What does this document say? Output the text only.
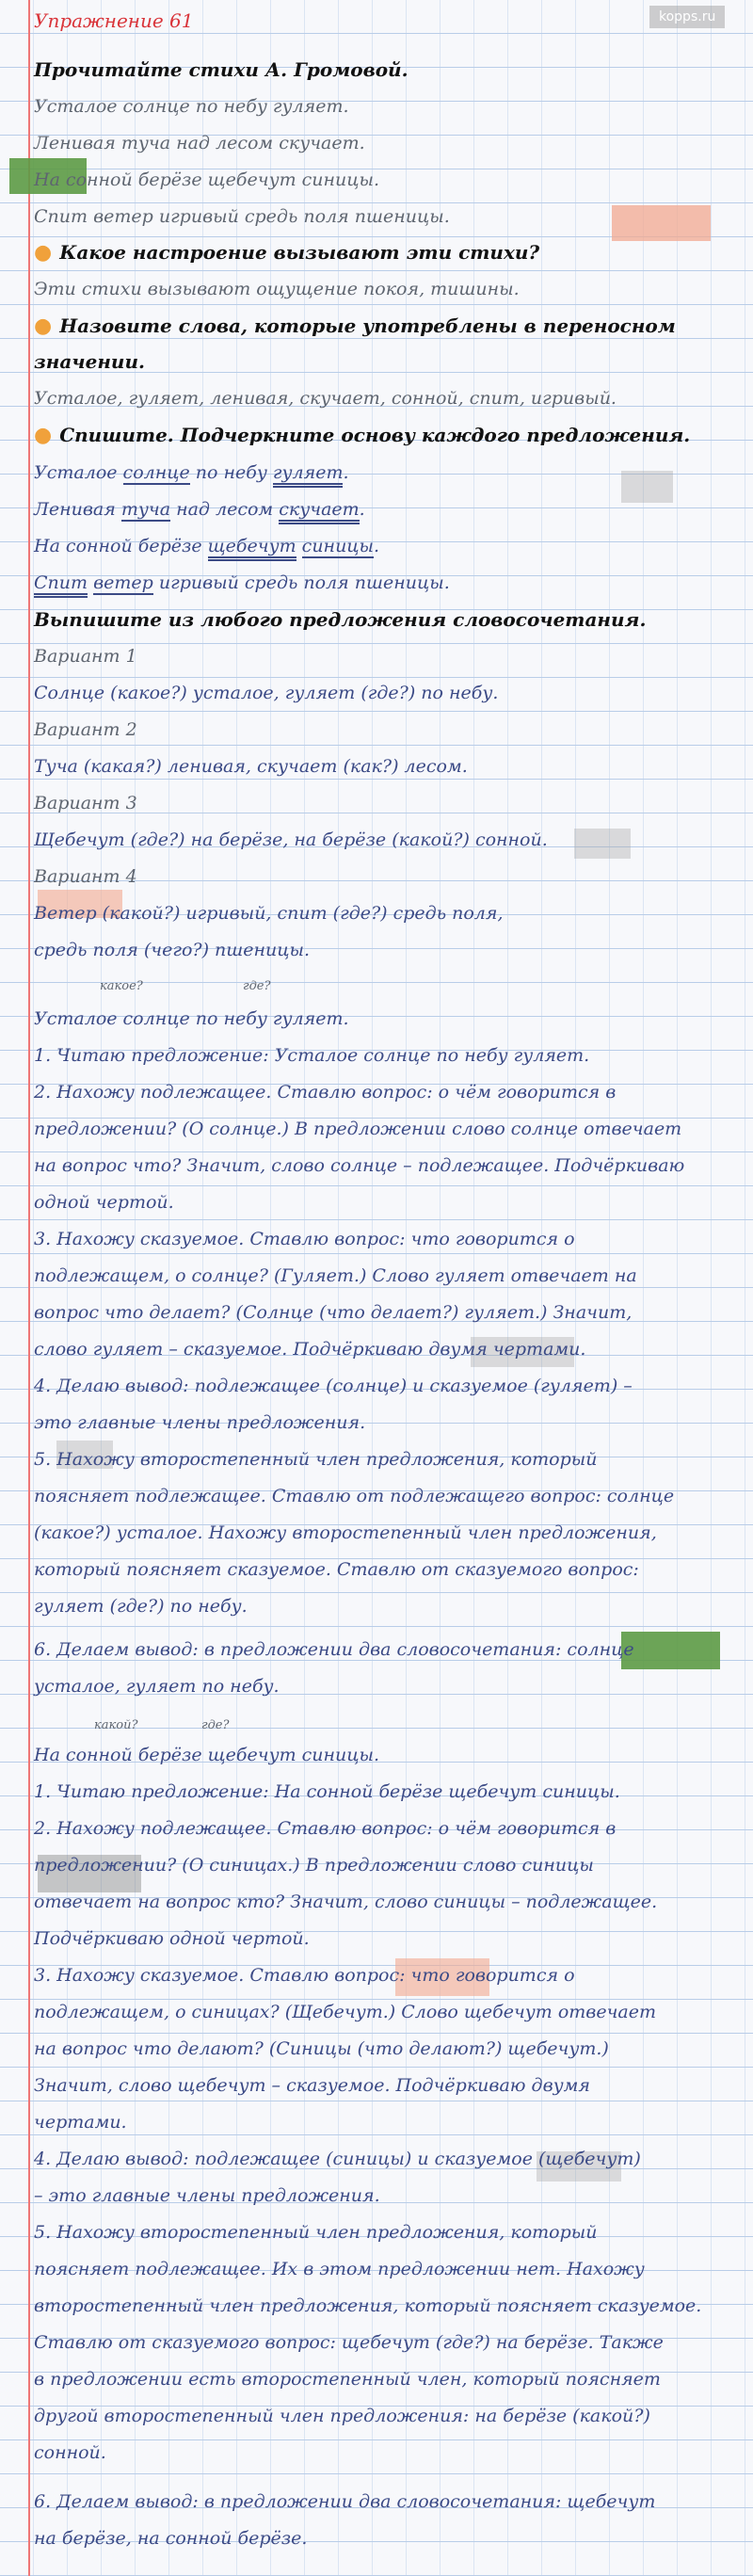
kopps.ru
Упражнение 61
Прочитайте стихи А. Громовой.
Усталое солнце по небу гуляет.
Ленивая туча над лесом скучает.
На сонной берёзе щебечут синицы.
Спит ветер игривый средь поля пшеницы.
● Какое настроение вызывают эти стихи?
Эти стихи вызывают ощущение покоя, тишины.
● Назовите слова, которые употреблены в переносном
значении.
Усталое, гуляет, ленивая, скучает, сонной, спит, игривый.
● Спишите. Подчеркните основу каждого предложения.
Усталое солнце по небу гуляет.
Ленивая туча над лесом скучает.
На сонной берёзе щебечут синицы.
Спит ветер игривый средь поля пшеницы.
Выпишите из любого предложения словосочетания.
Вариант 1
Солнце (какое?) усталое, гуляет (где?) по небу.
Вариант 2
Туча (какая?) ленивая, скучает (как?) лесом.
Вариант 3
Щебечут (где?) на берёзе, на берёзе (какой?) сонной.
Вариант 4
Ветер (какой?) игривый, спит (где?) средь поля,
средь поля (чего?) пшеницы.
какое?	где?
Усталое солнце по небу гуляет.
1. Читаю предложение: Усталое солнце по небу гуляет.
2. Нахожу подлежащее. Ставлю вопрос: о чём говорится в
предложении? (О солнце.) В предложении слово солнце отвечает
на вопрос что? Значит, слово солнце – подлежащее. Подчёркиваю
одной чертой.
3. Нахожу сказуемое. Ставлю вопрос: что говорится о
подлежащем, о солнце? (Гуляет.) Слово гуляет отвечает на
вопрос что делает? (Солнце (что делает?) гуляет.) Значит,
слово гуляет – сказуемое. Подчёркиваю двумя чертами.
4. Делаю вывод: подлежащее (солнце) и сказуемое (гуляет) –
это главные члены предложения.
5. Нахожу второстепенный член предложения, который
поясняет подлежащее. Ставлю от подлежащего вопрос: солнце
(какое?) усталое. Нахожу второстепенный член предложения,
который поясняет сказуемое. Ставлю от сказуемого вопрос:
гуляет (где?) по небу.
6. Делаем вывод: в предложении два словосочетания: солнце
усталое, гуляет по небу.
какой?	где?
На сонной берёзе щебечут синицы.
1. Читаю предложение: На сонной берёзе щебечут синицы.
2. Нахожу подлежащее. Ставлю вопрос: о чём говорится в
предложении? (О синицах.) В предложении слово синицы
отвечает на вопрос кто? Значит, слово синицы – подлежащее.
Подчёркиваю одной чертой.
3. Нахожу сказуемое. Ставлю вопрос: что говорится о
подлежащем, о синицах? (Щебечут.) Слово щебечут отвечает
на вопрос что делают? (Синицы (что делают?) щебечут.)
Значит, слово щебечут – сказуемое. Подчёркиваю двумя
чертами.
4. Делаю вывод: подлежащее (синицы) и сказуемое (щебечут)
– это главные члены предложения.
5. Нахожу второстепенный член предложения, который
поясняет подлежащее. Их в этом предложении нет. Нахожу
второстепенный член предложения, который поясняет сказуемое.
Ставлю от сказуемого вопрос: щебечут (где?) на берёзе. Также
в предложении есть второстепенный член, который поясняет
другой второстепенный член предложения: на берёзе (какой?)
сонной.
6. Делаем вывод: в предложении два словосочетания: щебечут
на берёзе, на сонной берёзе.
